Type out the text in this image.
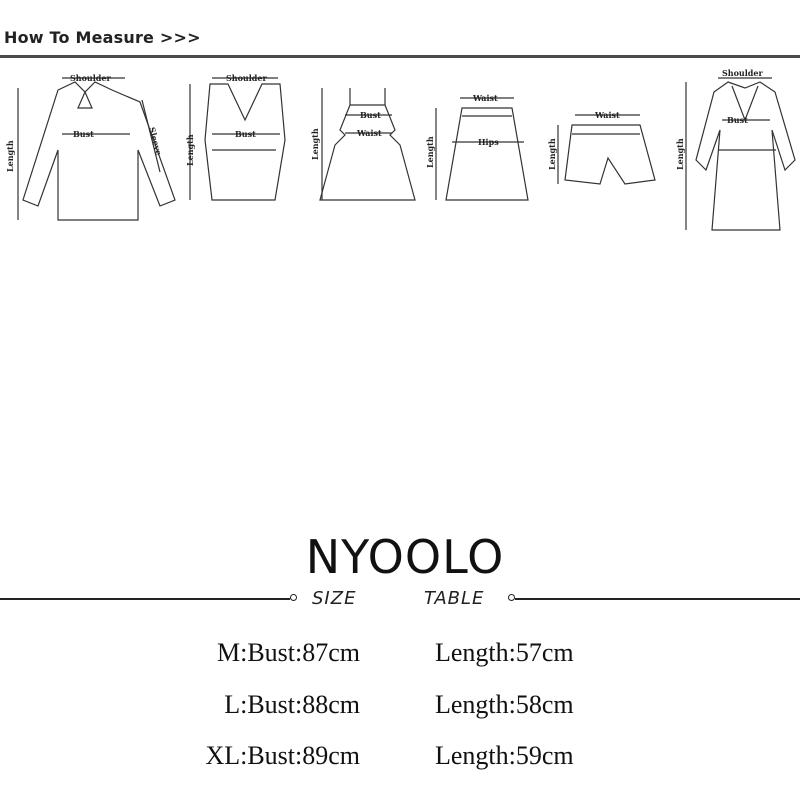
How To Measure >>>
Shoulder
Bust
Length	Sleeve
Shoulder
Bust
Length
Bust
Waist
Length
Waist
Hips
Length
Waist
Length
Shoulder
Bust
Length
NYOOLO
SIZE	TABLE
M:Bust:87cm	Length:57cm
L:Bust:88cm	Length:58cm
XL:Bust:89cm	Length:59cm
